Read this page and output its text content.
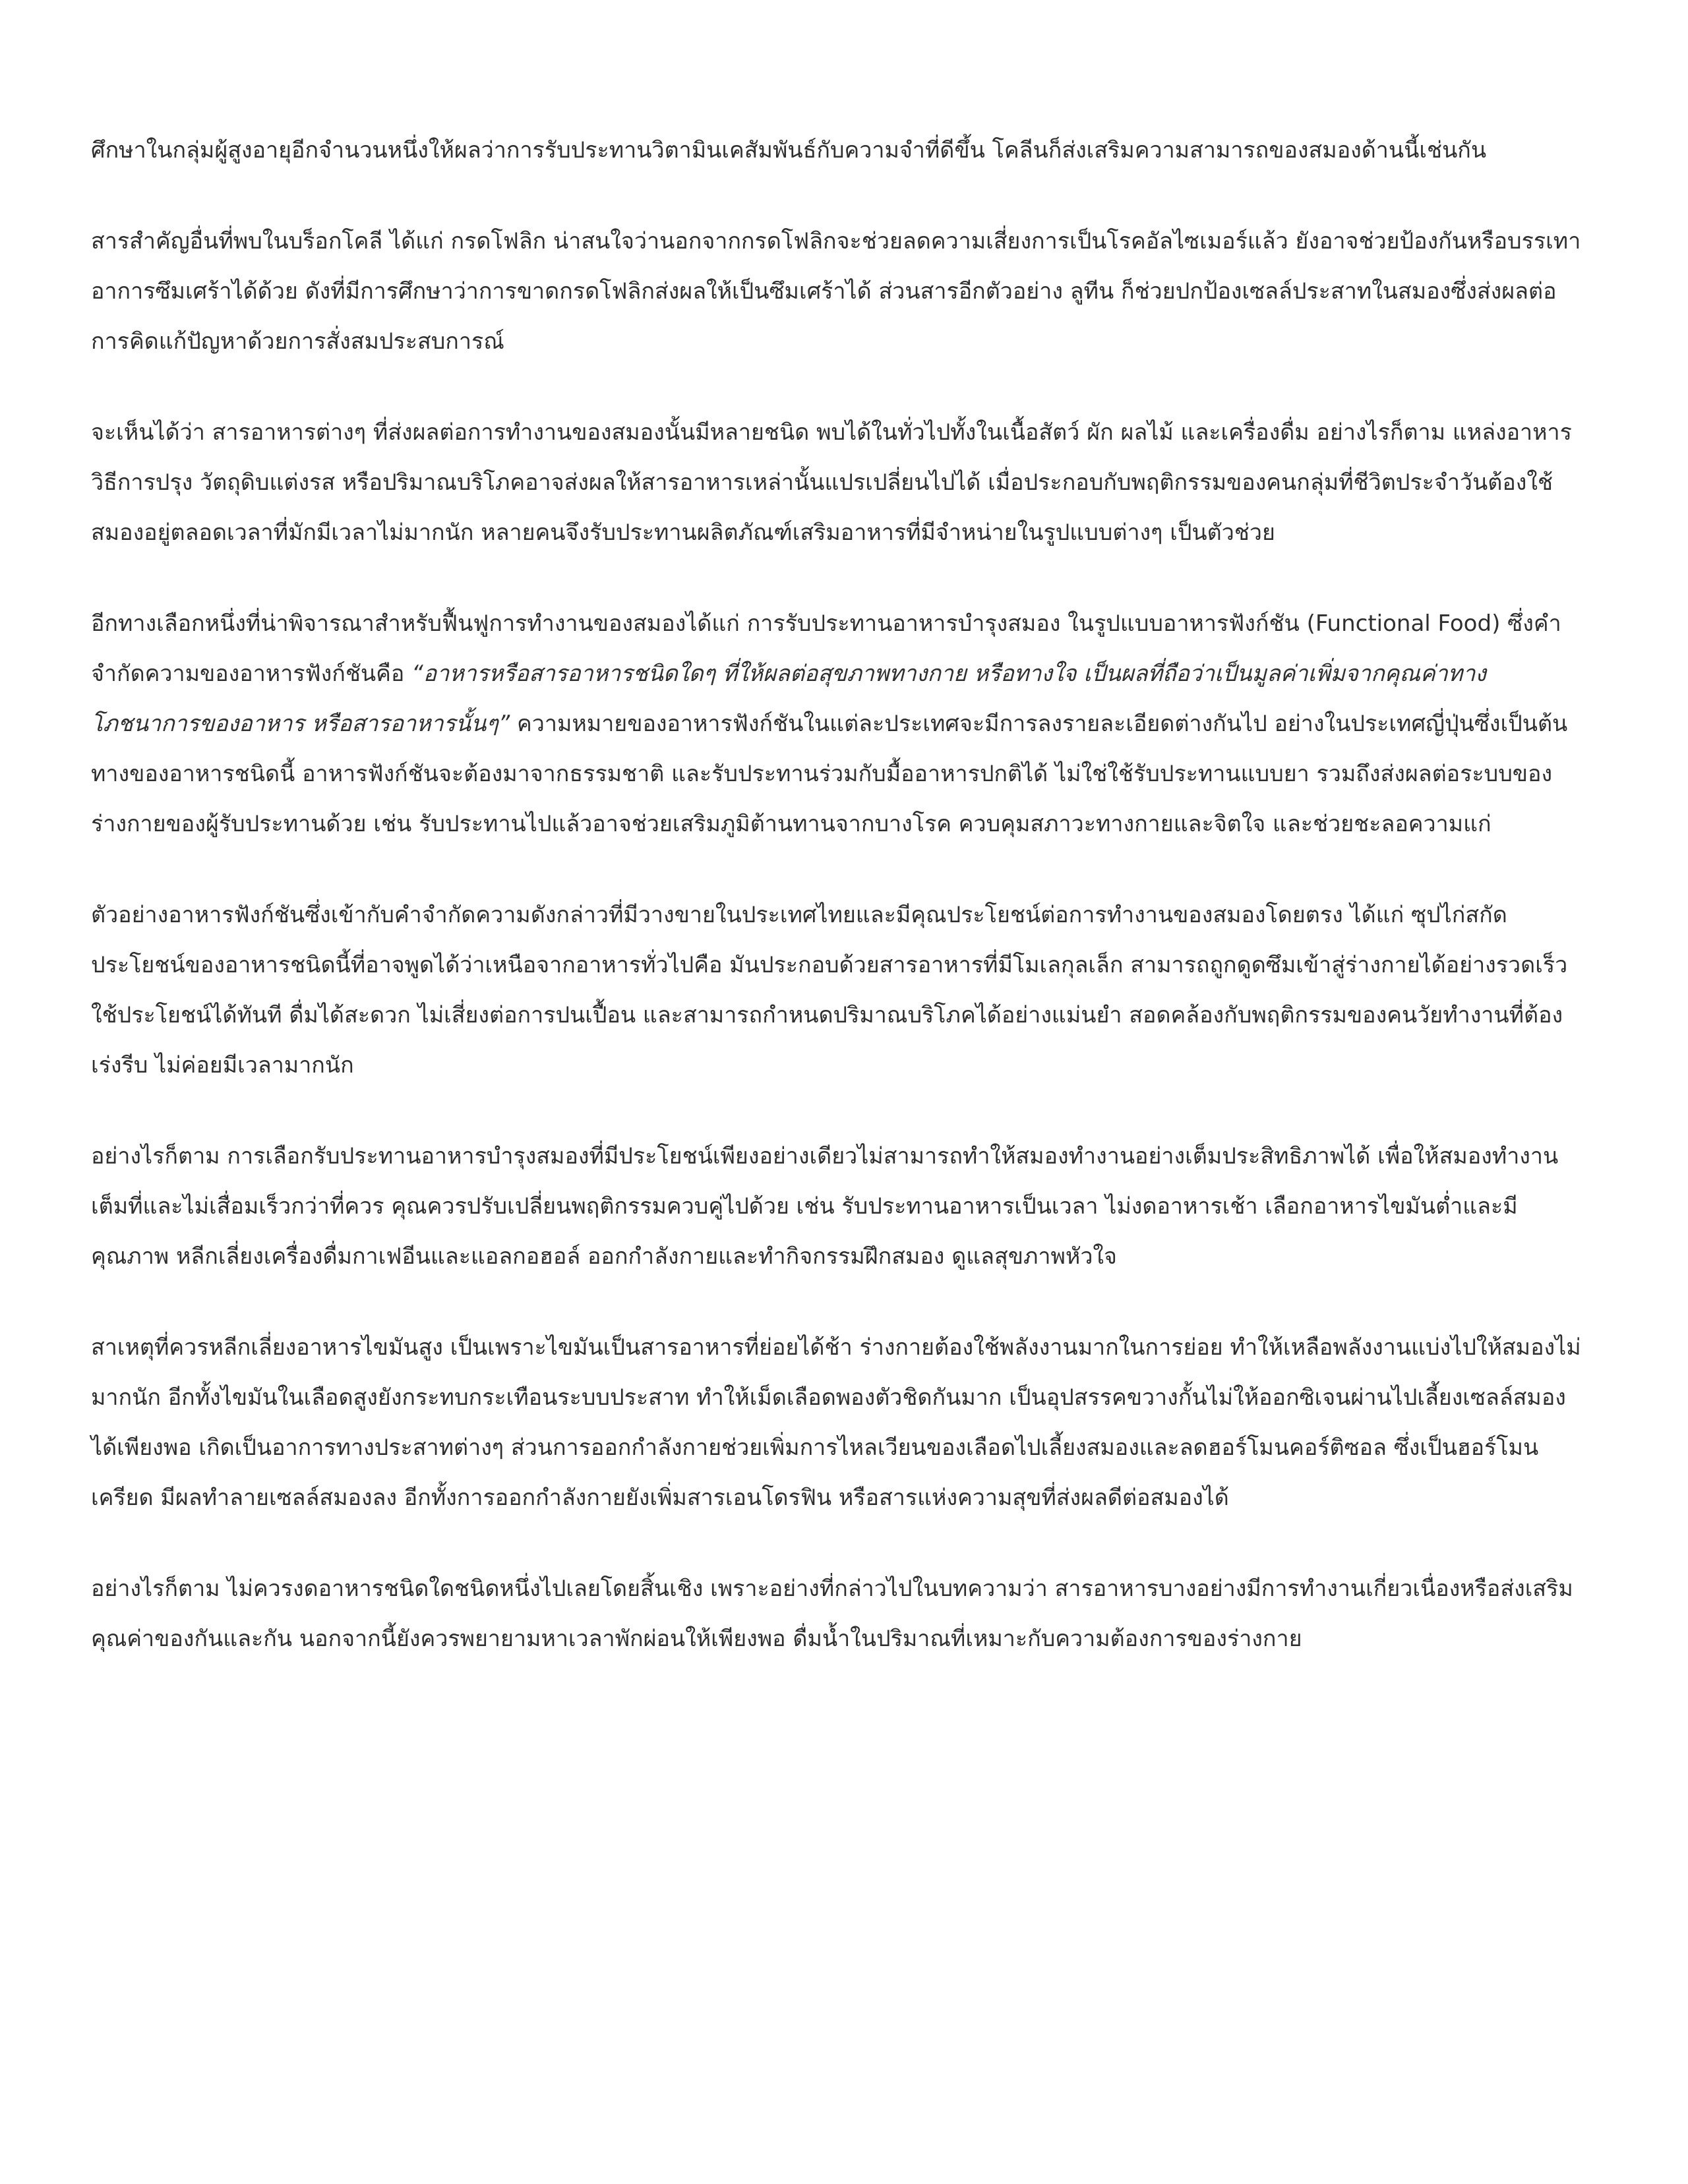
ศึกษาในกลุ่มผู้สูงอายุอีกจำนวนหนึ่งให้ผลว่าการรับประทานวิตามินเคสัมพันธ์กับความจำที่ดีขึ้น โคลีนก็ส่งเสริมความสามารถของสมองด้านนี้เช่นกัน

สารสำคัญอื่นที่พบในบร็อกโคลี ได้แก่ กรดโฟลิก น่าสนใจว่านอกจากกรดโฟลิกจะช่วยลดความเสี่ยงการเป็นโรคอัลไซเมอร์แล้ว ยังอาจช่วยป้องกันหรือบรรเทาอาการซึมเศร้าได้ด้วย ดังที่มีการศึกษาว่าการขาดกรดโฟลิกส่งผลให้เป็นซึมเศร้าได้ ส่วนสารอีกตัวอย่าง ลูทีน ก็ช่วยปกป้องเซลล์ประสาทในสมองซึ่งส่งผลต่อการคิดแก้ปัญหาด้วยการสั่งสมประสบการณ์

จะเห็นได้ว่า สารอาหารต่างๆ ที่ส่งผลต่อการทำงานของสมองนั้นมีหลายชนิด พบได้ในทั่วไปทั้งในเนื้อสัตว์ ผัก ผลไม้ และเครื่องดื่ม อย่างไรก็ตาม แหล่งอาหาร วิธีการปรุง วัตถุดิบแต่งรส หรือปริมาณบริโภคอาจส่งผลให้สารอาหารเหล่านั้นแปรเปลี่ยนไปได้ เมื่อประกอบกับพฤติกรรมของคนกลุ่มที่ชีวิตประจำวันต้องใช้สมองอยู่ตลอดเวลาที่มักมีเวลาไม่มากนัก หลายคนจึงรับประทานผลิตภัณฑ์เสริมอาหารที่มีจำหน่ายในรูปแบบต่างๆ เป็นตัวช่วย

อีกทางเลือกหนึ่งที่น่าพิจารณาสำหรับฟื้นฟูการทำงานของสมองได้แก่ การรับประทานอาหารบำรุงสมอง ในรูปแบบอาหารฟังก์ชัน (Functional Food) ซึ่งคำจำกัดความของอาหารฟังก์ชันคือ “อาหารหรือสารอาหารชนิดใดๆ ที่ให้ผลต่อสุขภาพทางกาย หรือทางใจ เป็นผลที่ถือว่าเป็นมูลค่าเพิ่มจากคุณค่าทางโภชนาการของอาหาร หรือสารอาหารนั้นๆ” ความหมายของอาหารฟังก์ชันในแต่ละประเทศจะมีการลงรายละเอียดต่างกันไป อย่างในประเทศญี่ปุ่นซึ่งเป็นต้นทางของอาหารชนิดนี้ อาหารฟังก์ชันจะต้องมาจากธรรมชาติ และรับประทานร่วมกับมื้ออาหารปกติได้ ไม่ใช่ใช้รับประทานแบบยา รวมถึงส่งผลต่อระบบของร่างกายของผู้รับประทานด้วย เช่น รับประทานไปแล้วอาจช่วยเสริมภูมิต้านทานจากบางโรค ควบคุมสภาวะทางกายและจิตใจ และช่วยชะลอความแก่

ตัวอย่างอาหารฟังก์ชันซึ่งเข้ากับคำจำกัดความดังกล่าวที่มีวางขายในประเทศไทยและมีคุณประโยชน์ต่อการทำงานของสมองโดยตรง ได้แก่ ซุปไก่สกัด ประโยชน์ของอาหารชนิดนี้ที่อาจพูดได้ว่าเหนือจากอาหารทั่วไปคือ มันประกอบด้วยสารอาหารที่มีโมเลกุลเล็ก สามารถถูกดูดซึมเข้าสู่ร่างกายได้อย่างรวดเร็ว ใช้ประโยชน์ได้ทันที ดื่มได้สะดวก ไม่เสี่ยงต่อการปนเปื้อน และสามารถกำหนดปริมาณบริโภคได้อย่างแม่นยำ สอดคล้องกับพฤติกรรมของคนวัยทำงานที่ต้องเร่งรีบ ไม่ค่อยมีเวลามากนัก

อย่างไรก็ตาม การเลือกรับประทานอาหารบำรุงสมองที่มีประโยชน์เพียงอย่างเดียวไม่สามารถทำให้สมองทำงานอย่างเต็มประสิทธิภาพได้ เพื่อให้สมองทำงานเต็มที่และไม่เสื่อมเร็วกว่าที่ควร คุณควรปรับเปลี่ยนพฤติกรรมควบคู่ไปด้วย เช่น รับประทานอาหารเป็นเวลา ไม่งดอาหารเช้า เลือกอาหารไขมันต่ำและมีคุณภาพ หลีกเลี่ยงเครื่องดื่มกาเฟอีนและแอลกอฮอล์ ออกกำลังกายและทำกิจกรรมฝึกสมอง ดูแลสุขภาพหัวใจ

สาเหตุที่ควรหลีกเลี่ยงอาหารไขมันสูง เป็นเพราะไขมันเป็นสารอาหารที่ย่อยได้ช้า ร่างกายต้องใช้พลังงานมากในการย่อย ทำให้เหลือพลังงานแบ่งไปให้สมองไม่มากนัก อีกทั้งไขมันในเลือดสูงยังกระทบกระเทือนระบบประสาท ทำให้เม็ดเลือดพองตัวชิดกันมาก เป็นอุปสรรคขวางกั้นไม่ให้ออกซิเจนผ่านไปเลี้ยงเซลล์สมองได้เพียงพอ เกิดเป็นอาการทางประสาทต่างๆ ส่วนการออกกำลังกายช่วยเพิ่มการไหลเวียนของเลือดไปเลี้ยงสมองและลดฮอร์โมนคอร์ติซอล ซึ่งเป็นฮอร์โมนเครียด มีผลทำลายเซลล์สมองลง อีกทั้งการออกกำลังกายยังเพิ่มสารเอนโดรฟิน หรือสารแห่งความสุขที่ส่งผลดีต่อสมองได้

อย่างไรก็ตาม ไม่ควรงดอาหารชนิดใดชนิดหนึ่งไปเลยโดยสิ้นเชิง เพราะอย่างที่กล่าวไปในบทความว่า สารอาหารบางอย่างมีการทำงานเกี่ยวเนื่องหรือส่งเสริมคุณค่าของกันและกัน นอกจากนี้ยังควรพยายามหาเวลาพักผ่อนให้เพียงพอ ดื่มน้ำในปริมาณที่เหมาะกับความต้องการของร่างกาย
